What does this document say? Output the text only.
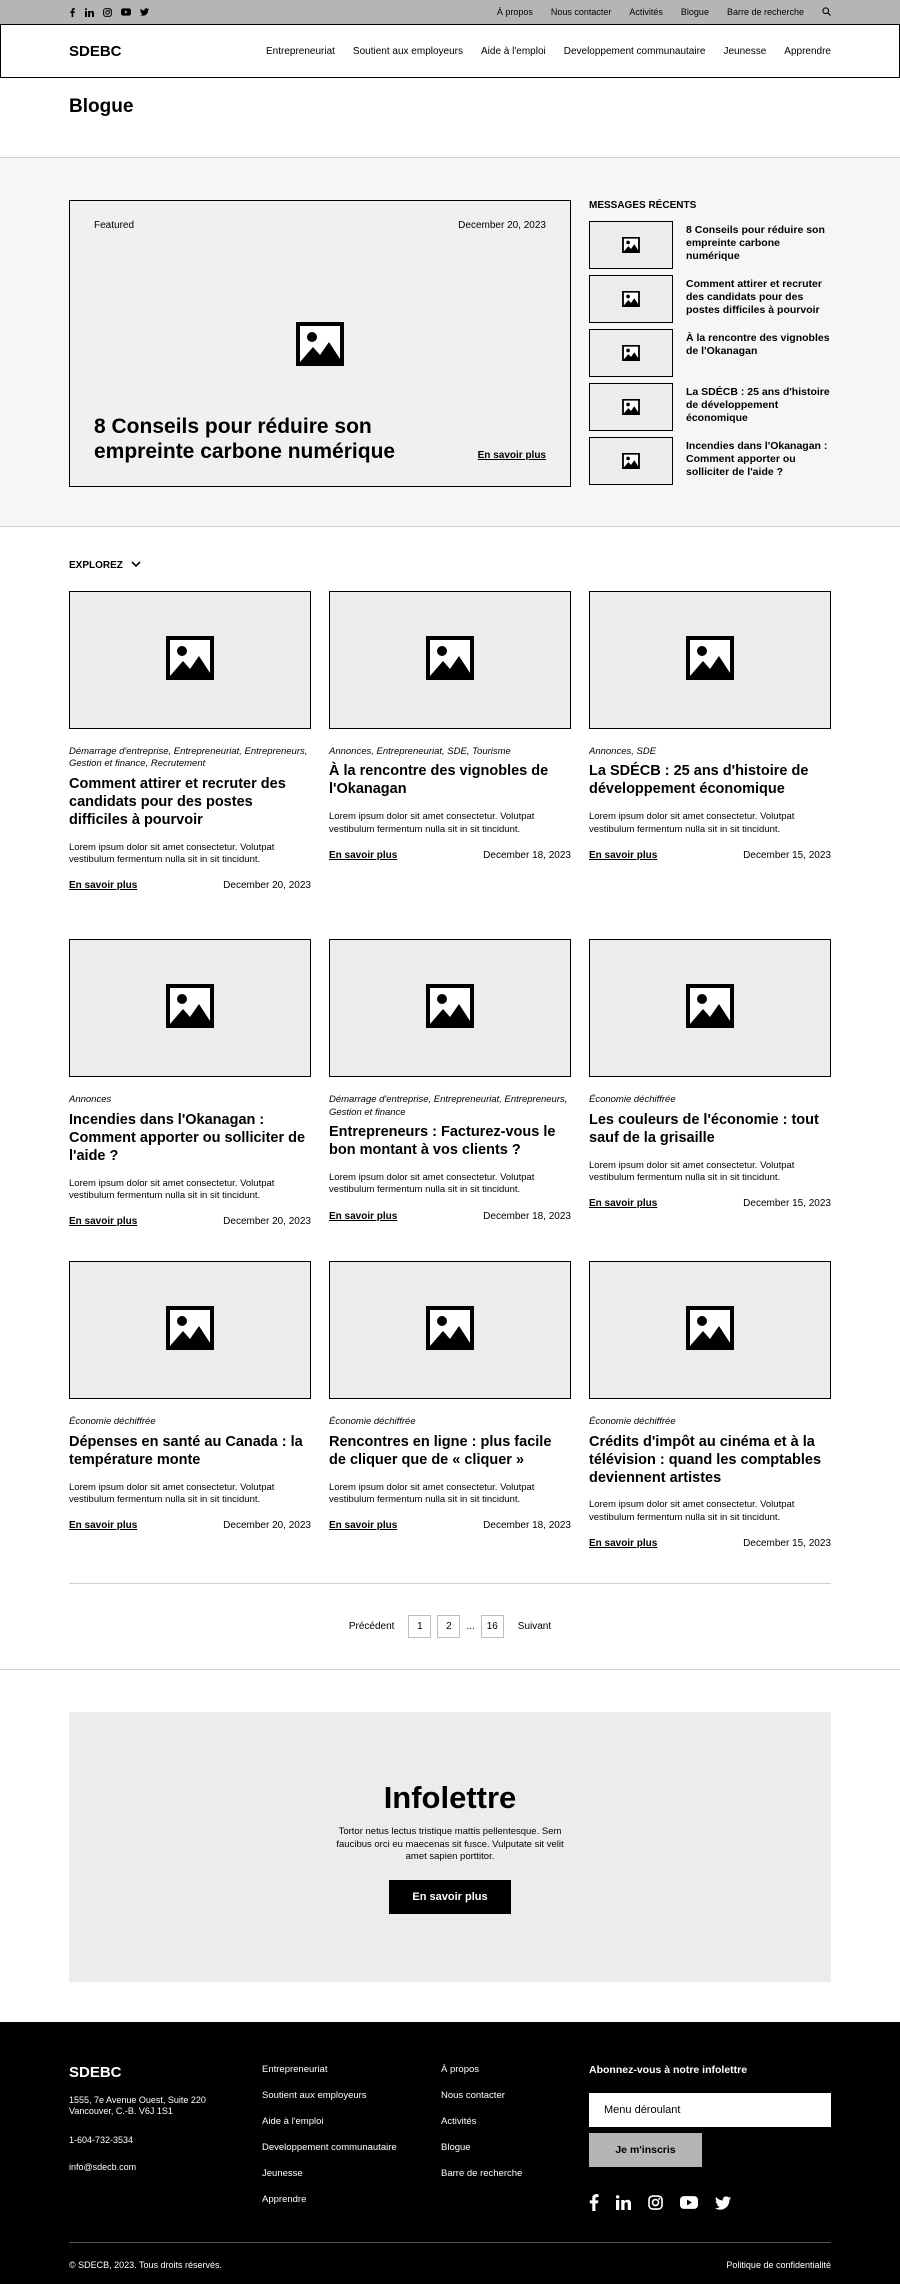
À propos Nous contacter Activités Blogue Barre de recherche
SDEBC	Entrepreneuriat Soutient aux employeurs Aide à l'emploi Developpement communautaire Jeunesse Apprendre
Blogue
Featured	December 20, 2023
8 Conseils pour réduire son empreinte carbone numérique	En savoir plus
MESSAGES RÉCENTS
8 Conseils pour réduire son empreinte carbone numérique
Comment attirer et recruter des candidats pour des postes difficiles à pourvoir
À la rencontre des vignobles de l'Okanagan
La SDÉCB : 25 ans d'histoire de développement économique
Incendies dans l'Okanagan : Comment apporter ou solliciter de l'aide ?
EXPLOREZ
Démarrage d'entreprise, Entrepreneuriat, Entrepreneurs, Gestion et finance, Recrutement
Comment attirer et recruter des candidats pour des postes difficiles à pourvoir
Lorem ipsum dolor sit amet consectetur. Volutpat vestibulum fermentum nulla sit in sit tincidunt.
En savoir plus	December 20, 2023
Annonces, Entrepreneuriat, SDE, Tourisme
À la rencontre des vignobles de l'Okanagan
Lorem ipsum dolor sit amet consectetur. Volutpat vestibulum fermentum nulla sit in sit tincidunt.
En savoir plus	December 18, 2023
Annonces, SDE
La SDÉCB : 25 ans d'histoire de développement économique
Lorem ipsum dolor sit amet consectetur. Volutpat vestibulum fermentum nulla sit in sit tincidunt.
En savoir plus	December 15, 2023
Annonces
Incendies dans l'Okanagan : Comment apporter ou solliciter de l'aide ?
Lorem ipsum dolor sit amet consectetur. Volutpat vestibulum fermentum nulla sit in sit tincidunt.
En savoir plus	December 20, 2023
Démarrage d'entreprise, Entrepreneuriat, Entrepreneurs, Gestion et finance
Entrepreneurs : Facturez-vous le bon montant à vos clients ?
Lorem ipsum dolor sit amet consectetur. Volutpat vestibulum fermentum nulla sit in sit tincidunt.
En savoir plus	December 18, 2023
Économie déchiffrée
Les couleurs de l'économie : tout sauf de la grisaille
Lorem ipsum dolor sit amet consectetur. Volutpat vestibulum fermentum nulla sit in sit tincidunt.
En savoir plus	December 15, 2023
Économie déchiffrée
Dépenses en santé au Canada : la température monte
Lorem ipsum dolor sit amet consectetur. Volutpat vestibulum fermentum nulla sit in sit tincidunt.
En savoir plus	December 20, 2023
Économie déchiffrée
Rencontres en ligne : plus facile de cliquer que de « cliquer »
Lorem ipsum dolor sit amet consectetur. Volutpat vestibulum fermentum nulla sit in sit tincidunt.
En savoir plus	December 18, 2023
Économie déchiffrée
Crédits d'impôt au cinéma et à la télévision : quand les comptables deviennent artistes
Lorem ipsum dolor sit amet consectetur. Volutpat vestibulum fermentum nulla sit in sit tincidunt.
En savoir plus	December 15, 2023
Précédent	1	2	...	16	Suivant
Infolettre

Tortor netus lectus tristique mattis pellentesque. Sem faucibus orci eu maecenas sit fusce. Vulputate sit velit amet sapien porttitor.

En savoir plus
SDEBC
1555, 7e Avenue Ouest, Suite 220 Vancouver, C.-B. V6J 1S1
1-604-732-3534
info@sdecb.com
Entrepreneuriat
Soutient aux employeurs
Aide à l'emploi
Developpement communautaire
Jeunesse
Apprendre
À propos
Nous contacter
Activités
Blogue
Barre de recherche
Abonnez-vous à notre infolettre
Menu déroulant
Je m'inscris
© SDECB, 2023. Tous droits réservés.	Politique de confidentialité
